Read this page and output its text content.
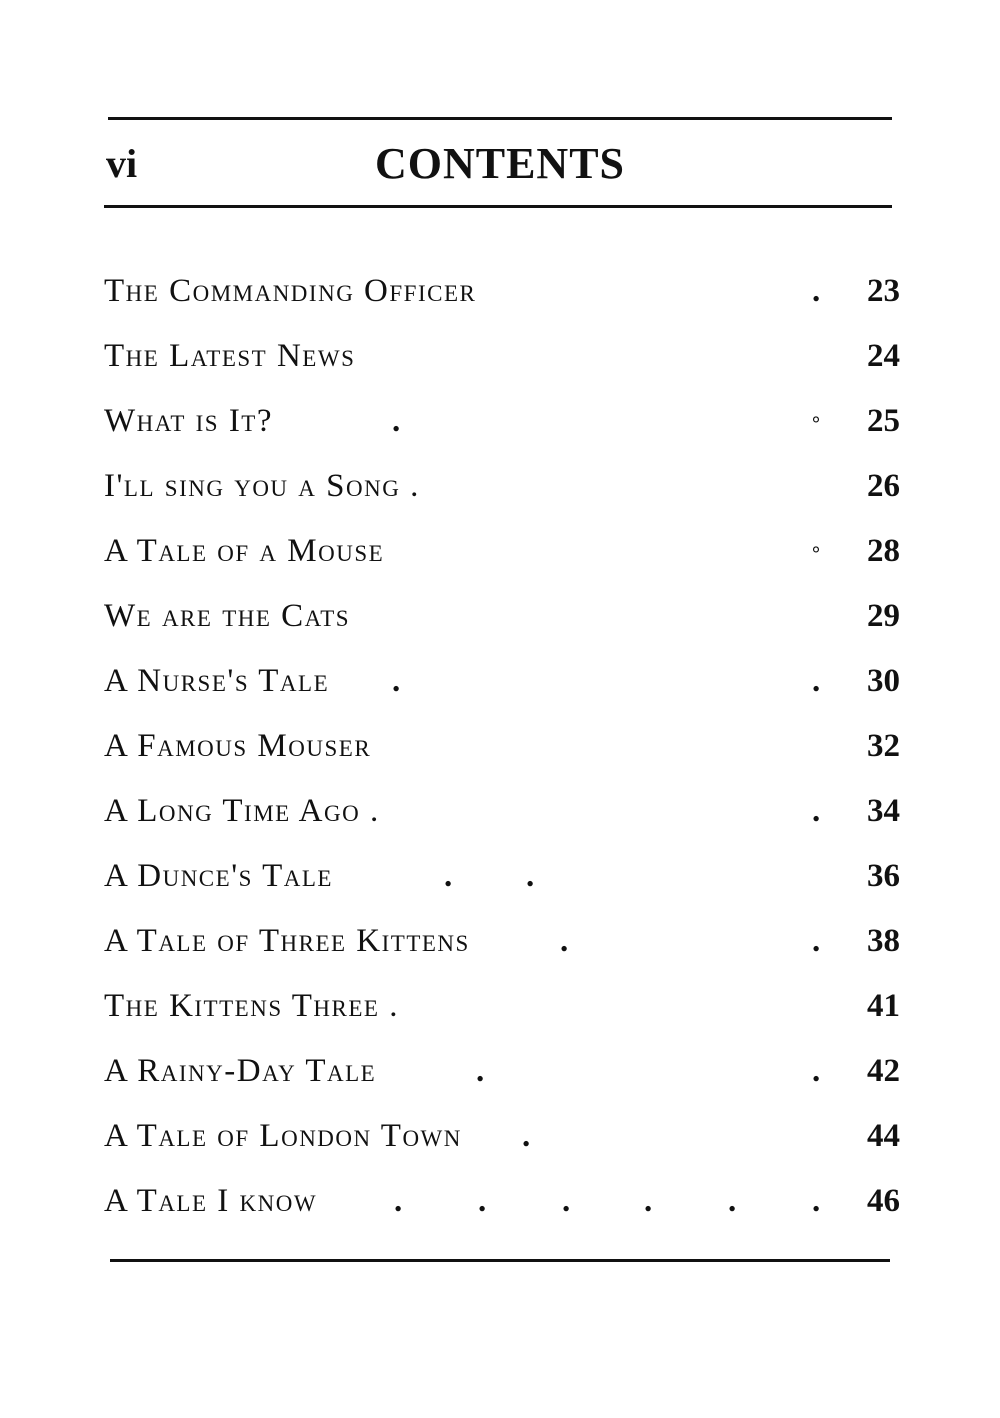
vi	CONTENTS
The Commanding Officer	. 23
The Latest News	24
What is It?	.	° 25
I'll sing you a Song .	26
A Tale of a Mouse	° 28
We are the Cats	29
A Nurse's Tale .	. 30
A Famous Mouser	32
A Long Time Ago .	. 34
A Dunce's Tale	. .	36
A Tale of Three Kittens	.	. 38
The Kittens Three .	41
A Rainy-Day Tale	.	. 42
A Tale of London Town .	44
A Tale I know . . . . . . 46
